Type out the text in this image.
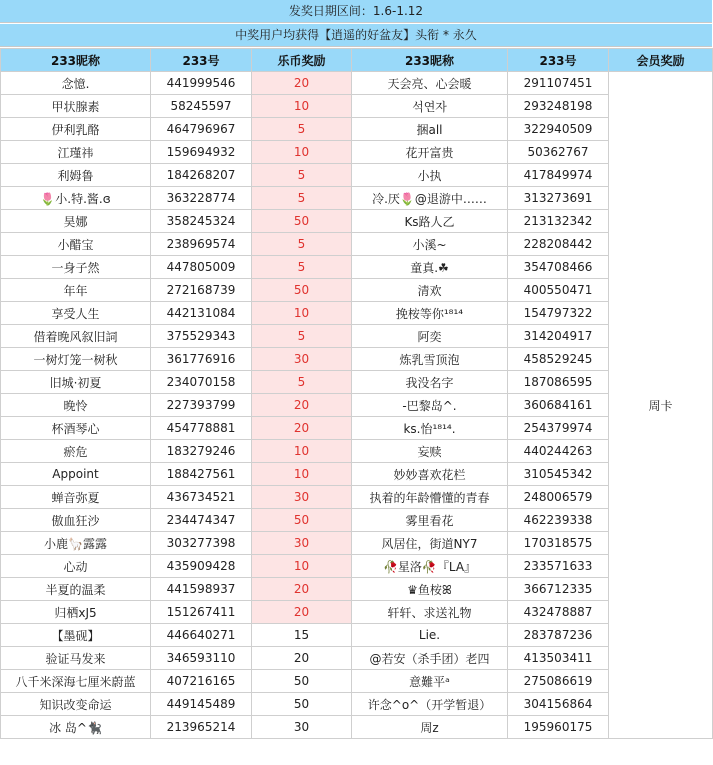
发奖日期区间：1.6-1.12
中奖用户均获得【逍遥的好盆友】头衔 * 永久
233昵称	233号	乐币奖励	233昵称	233号	会员奖励
念憶.	441999546	20	天会亮、心会暖	291107451	周卡
甲状腺素	58245597	10	석연자	293248198	
伊利乳酪	464796967	5	捆all	322940509	
江瑾祎	159694932	10	花开富贵	50362767	
利姆鲁	184268207	5	小执	417849974	
🌷小.特.酱.ɞ	363228774	5	冷.厌🌷@退游中……	313273691	
昊娜	358245324	50	Ks路人乙	213132342	
小醋宝	238969574	5	小溪~	228208442	
一身子然	447805009	5	童真.☘	354708466	
年年	272168739	50	清欢	400550471	
享受人生	442131084	10	挽桉等你¹⁸¹⁴	154797322	
借着晚风叙旧詞	375529343	5	阿奕	314204917	
一树灯笼一树秋	361776916	30	炼乳雪顶泡	458529245	
旧城·初夏	234070158	5	我没名字	187086595	
晚怜	227393799	20	-巴黎岛^.	360684161	
杯酒琴心	454778881	20	ks.怡¹⁸¹⁴.	254379974	
瘀危	183279246	10	妄赎	440244263	
Appoint	188427561	10	妙妙喜欢花栏	310545342	
蝉音弥夏	436734521	30	执着的年龄懵懂的青春	248006579	
傲血狂沙	234474347	50	雾里看花	462239338	
小鹿🦙露露	303277398	30	风居住，街道NY7	170318575	
心动	435909428	10	🥀星洛🥀『LA』	233571633	
半夏的温柔	441598937	20	♛鱼桉ꕤ	366712335	
归栖xJ5	151267411	20	轩轩、求送礼物	432478887	
【墨砚】	446640271	15	Lie.	283787236	
验证马发来	346593110	20	@若安（杀手团）老四	413503411	
八千米深海七厘米蔚蓝	407216165	50	意難平ᵃ	275086619	
知识改变命运	449145489	50	许念^o^（开学暂退）	304156864	
冰 岛^🐈‍⬛	213965214	30	周z	195960175	
